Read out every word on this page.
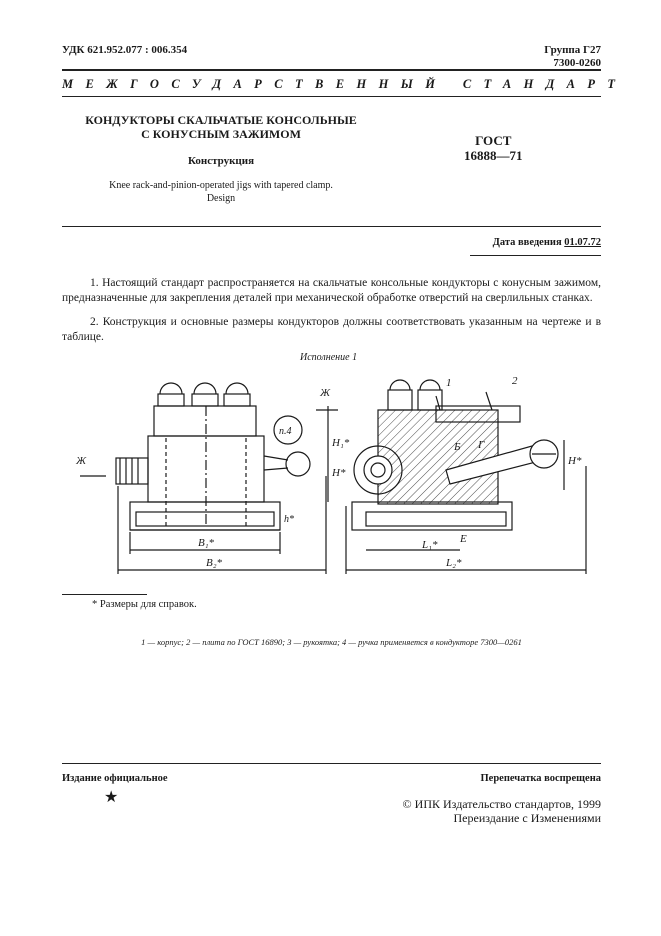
УДК 621.952.077 : 006.354	Группа Г27
7300-0260
МЕЖГОСУДАРСТВЕННЫЙ СТАНДАРТ
КОНДУКТОРЫ СКАЛЬЧАТЫЕ КОНСОЛЬНЫЕ
С КОНУСНЫМ ЗАЖИМОМ
Конструкция
Knee rack-and-pinion-operated jigs with tapered clamp.
Design
ГОСТ
16888—71
Дата введения 01.07.72
1. Настоящий стандарт распространяется на скальчатые консольные кондукторы с конусным зажимом, предназначенные для закрепления деталей при механической обработке отверстий на сверлильных станках.
2. Конструкция и основные размеры кондукторов должны соответствовать указанным на чертеже и в таблице.
Исполнение 1
Ж
Ж
п.4
H₁*
H*
h*
B₁*
B₂*
1	2
Б Г
H*
L₁* E
L₂*
* Размеры для справок.
1 — корпус; 2 — плита по ГОСТ 16890; 3 — рукоятка; 4 — ручка применяется в кондукторе 7300—0261
Издание официальное	Перепечатка воспрещена
★	© ИПК Издательство стандартов, 1999
Переиздание с Изменениями
